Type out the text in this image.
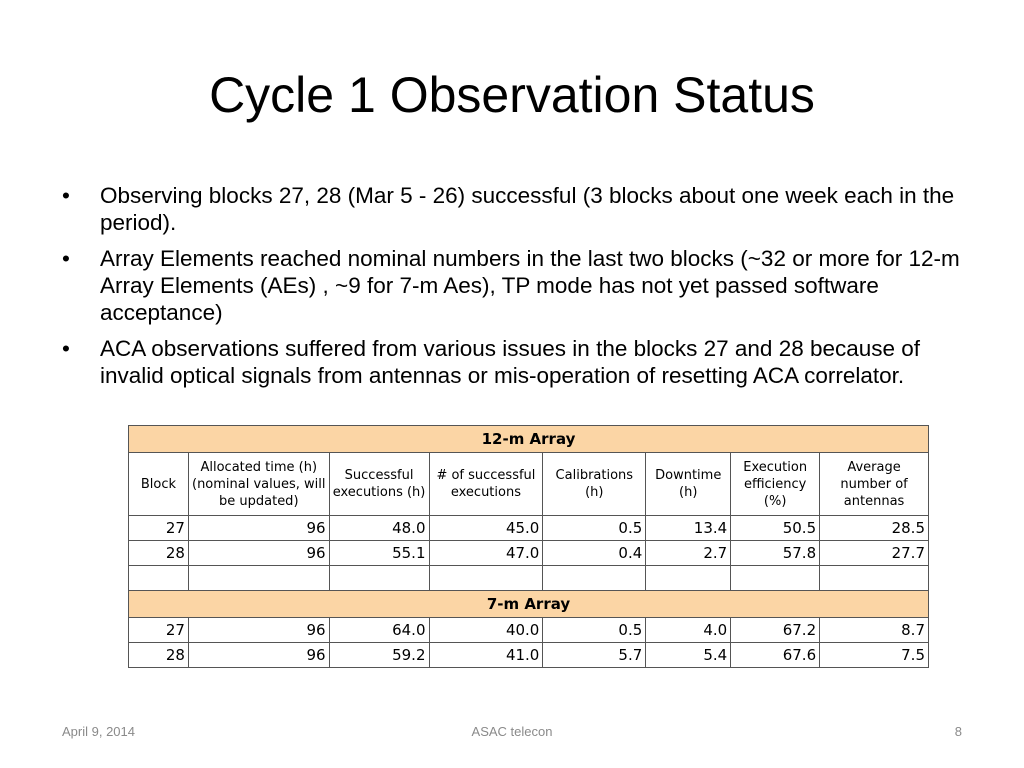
Cycle 1 Observation Status
• Observing blocks 27, 28 (Mar 5 - 26) successful (3 blocks about one week each in the period).
• Array Elements reached nominal numbers in the last two blocks (~32 or more for 12-m Array Elements (AEs) , ~9 for 7-m Aes), TP mode has not yet passed software acceptance)
• ACA observations suffered from various issues in the blocks 27 and 28 because of invalid optical signals from antennas or mis-operation of resetting ACA correlator.
12-m Array							
Block	Allocated time (h) (nominal values, will be updated)	Successful executions (h)	# of successful executions	Calibrations (h)	Downtime (h)	Execution efficiency (%)	Average number of antennas
27	96	48.0	45.0	0.5	13.4	50.5	28.5
28	96	55.1	47.0	0.4	2.7	57.8	27.7

7-m Array							
27	96	64.0	40.0	0.5	4.0	67.2	8.7
28	96	59.2	41.0	5.7	5.4	67.6	7.5
April 9, 2014	ASAC telecon	8
